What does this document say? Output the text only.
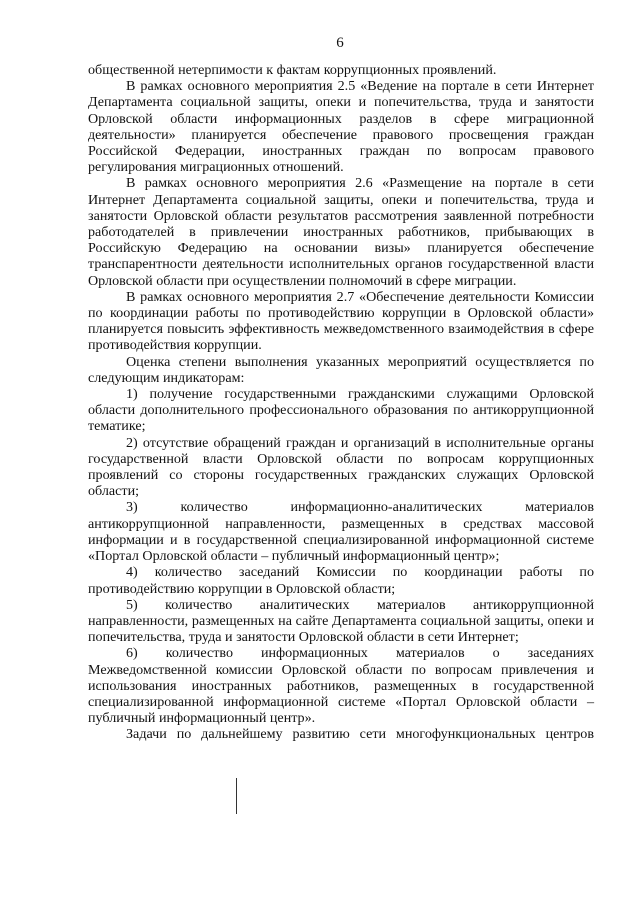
6

общественной нетерпимости к фактам коррупционных проявлений.

В рамках основного мероприятия 2.5 «Ведение на портале в сети Интернет Департамента социальной защиты, опеки и попечительства, труда и занятости Орловской области информационных разделов в сфере миграционной деятельности» планируется обеспечение правового просвещения граждан Российской Федерации, иностранных граждан по вопросам правового регулирования миграционных отношений.

В рамках основного мероприятия 2.6 «Размещение на портале в сети Интернет Департамента социальной защиты, опеки и попечительства, труда и занятости Орловской области результатов рассмотрения заявленной потребности работодателей в привлечении иностранных работников, прибывающих в Российскую Федерацию на основании визы» планируется обеспечение транспарентности деятельности исполнительных органов государственной власти Орловской области при осуществлении полномочий в сфере миграции.

В рамках основного мероприятия 2.7 «Обеспечение деятельности Комиссии по координации работы по противодействию коррупции в Орловской области» планируется повысить эффективность межведомственного взаимодействия в сфере противодействия коррупции.

Оценка степени выполнения указанных мероприятий осуществляется по следующим индикаторам:

1) получение государственными гражданскими служащими Орловской области дополнительного профессионального образования по антикоррупционной тематике;

2) отсутствие обращений граждан и организаций в исполнительные органы государственной власти Орловской области по вопросам коррупционных проявлений со стороны государственных гражданских служащих Орловской области;

3) количество информационно-аналитических материалов антикоррупционной направленности, размещенных в средствах массовой информации и в государственной специализированной информационной системе «Портал Орловской области – публичный информационный центр»;

4) количество заседаний Комиссии по координации работы по противодействию коррупции в Орловской области;

5) количество аналитических материалов антикоррупционной направленности, размещенных на сайте Департамента социальной защиты, опеки и попечительства, труда и занятости Орловской области в сети Интернет;

6) количество информационных материалов о заседаниях Межведомственной комиссии Орловской области по вопросам привлечения и использования иностранных работников, размещенных в государственной специализированной информационной системе «Портал Орловской области – публичный информационный центр».

Задачи по дальнейшему развитию сети многофункциональных центров
